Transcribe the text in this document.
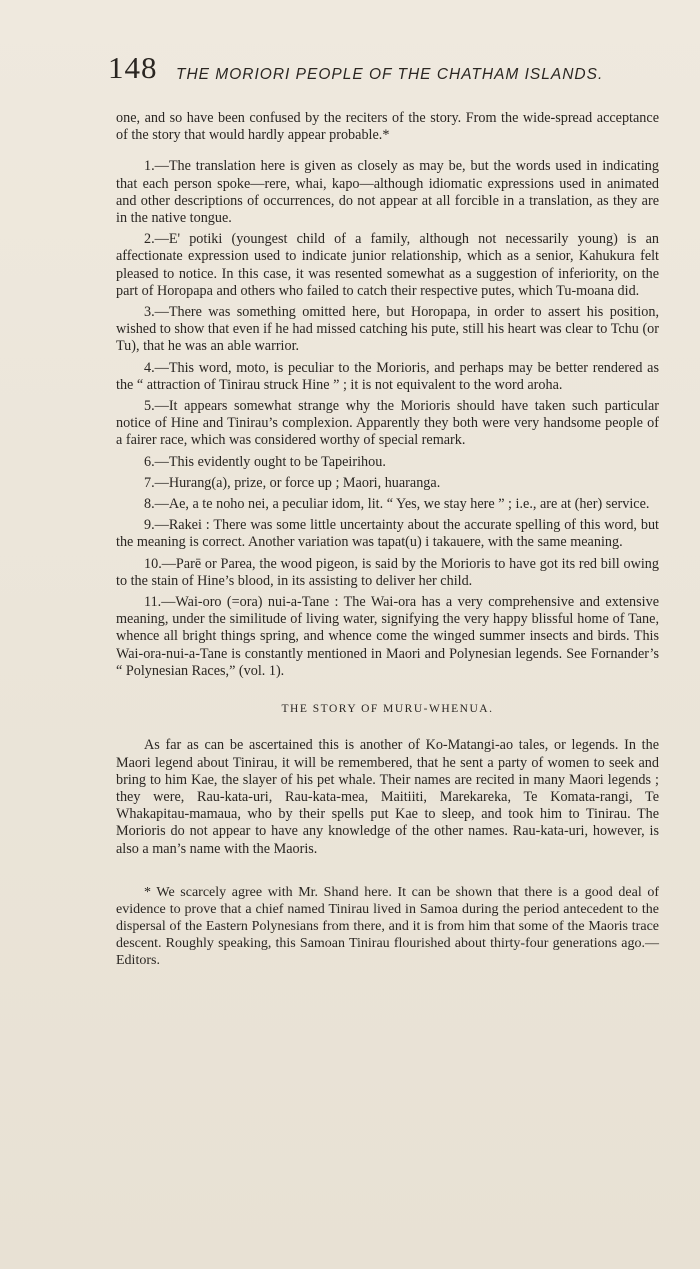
148 THE MORIORI PEOPLE OF THE CHATHAM ISLANDS.

one, and so have been confused by the reciters of the story. From the wide-spread acceptance of the story that would hardly appear probable.*

1.—The translation here is given as closely as may be, but the words used in indicating that each person spoke—rere, whai, kapo—although idiomatic expressions used in animated and other descriptions of occurrences, do not appear at all forcible in a translation, as they are in the native tongue.

2.—E' potiki (youngest child of a family, although not necessarily young) is an affectionate expression used to indicate junior relationship, which as a senior, Kahukura felt pleased to notice. In this case, it was resented somewhat as a suggestion of inferiority, on the part of Horopapa and others who failed to catch their respective putes, which Tu-moana did.

3.—There was something omitted here, but Horopapa, in order to assert his position, wished to show that even if he had missed catching his pute, still his heart was clear to Tchu (or Tu), that he was an able warrior.

4.—This word, moto, is peculiar to the Morioris, and perhaps may be better rendered as the “ attraction of Tinirau struck Hine ” ; it is not equivalent to the word aroha.

5.—It appears somewhat strange why the Morioris should have taken such particular notice of Hine and Tinirau’s complexion. Apparently they both were very handsome people of a fairer race, which was considered worthy of special remark.

6.—This evidently ought to be Tapeirihou.

7.—Hurang(a), prize, or force up ; Maori, huaranga.

8.—Ae, a te noho nei, a peculiar idom, lit. “ Yes, we stay here ” ; i.e., are at (her) service.

9.—Rakei : There was some little uncertainty about the accurate spelling of this word, but the meaning is correct. Another variation was tapat(u) i takauere, with the same meaning.

10.—Parē or Parea, the wood pigeon, is said by the Morioris to have got its red bill owing to the stain of Hine’s blood, in its assisting to deliver her child.

11.—Wai-oro (=ora) nui-a-Tane : The Wai-ora has a very comprehensive and extensive meaning, under the similitude of living water, signifying the very happy blissful home of Tane, whence all bright things spring, and whence come the winged summer insects and birds. This Wai-ora-nui-a-Tane is constantly mentioned in Maori and Polynesian legends. See Fornander’s “ Polynesian Races,” (vol. 1).

THE STORY OF MURU-WHENUA.

As far as can be ascertained this is another of Ko-Matangi-ao tales, or legends. In the Maori legend about Tinirau, it will be remembered, that he sent a party of women to seek and bring to him Kae, the slayer of his pet whale. Their names are recited in many Maori legends ; they were, Rau-kata-uri, Rau-kata-mea, Maitiiti, Marekareka, Te Komata-rangi, Te Whakapitau-mamaua, who by their spells put Kae to sleep, and took him to Tinirau. The Morioris do not appear to have any knowledge of the other names. Rau-kata-uri, however, is also a man’s name with the Maoris.

* We scarcely agree with Mr. Shand here. It can be shown that there is a good deal of evidence to prove that a chief named Tinirau lived in Samoa during the period antecedent to the dispersal of the Eastern Polynesians from there, and it is from him that some of the Maoris trace descent. Roughly speaking, this Samoan Tinirau flourished about thirty-four generations ago.—Editors.
